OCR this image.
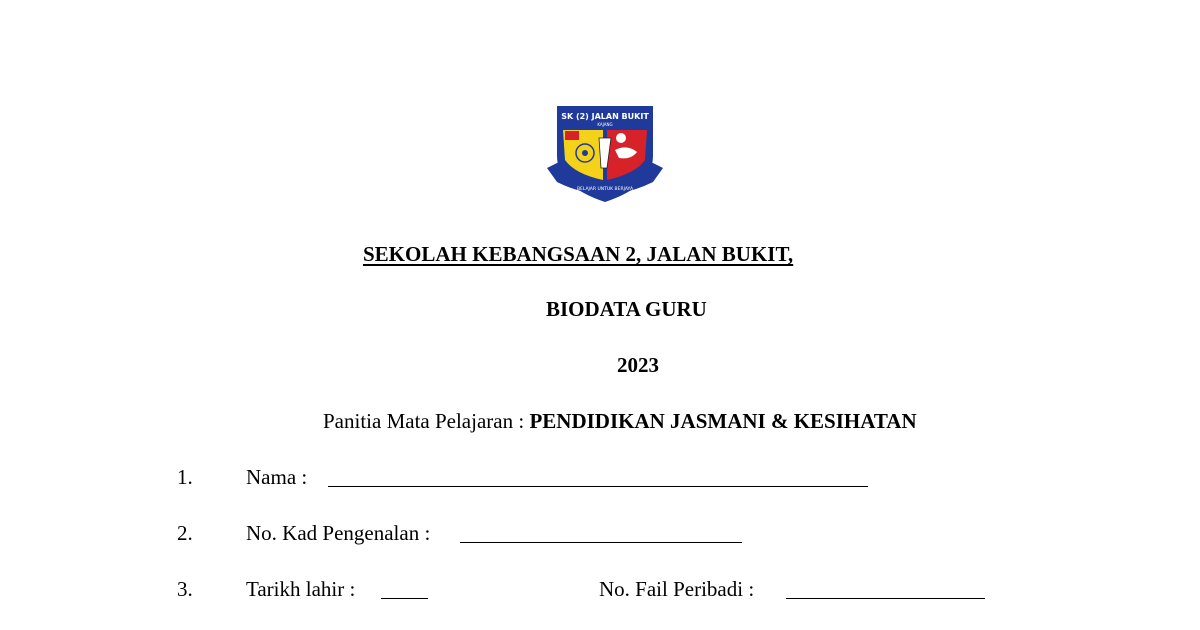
SK (2) JALAN BUKIT
KAJANG
BELAJAR UNTUK BERJAYA
SEKOLAH KEBANGSAAN 2, JALAN BUKIT,
BIODATA GURU
2023
Panitia Mata Pelajaran : PENDIDIKAN JASMANI & KESIHATAN
1.	Nama :
2.	No. Kad Pengenalan :
3.	Tarikh lahir :	No. Fail Peribadi :
